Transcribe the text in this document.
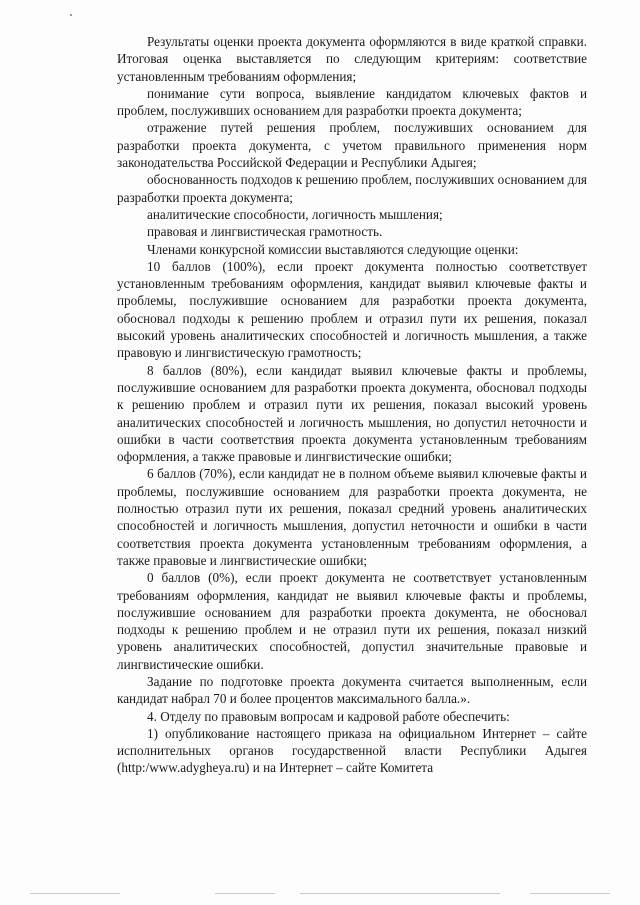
Результаты оценки проекта документа оформляются в виде краткой справки. Итоговая оценка выставляется по следующим критериям: соответствие установленным требованиям оформления;

понимание сути вопроса, выявление кандидатом ключевых фактов и проблем, послуживших основанием для разработки проекта документа;

отражение путей решения проблем, послуживших основанием для разработки проекта документа, с учетом правильного применения норм законодательства Российской Федерации и Республики Адыгея;

обоснованность подходов к решению проблем, послуживших основанием для разработки проекта документа;

аналитические способности, логичность мышления;

правовая и лингвистическая грамотность.

Членами конкурсной комиссии выставляются следующие оценки:

10 баллов (100%), если проект документа полностью соответствует установленным требованиям оформления, кандидат выявил ключевые факты и проблемы, послужившие основанием для разработки проекта документа, обосновал подходы к решению проблем и отразил пути их решения, показал высокий уровень аналитических способностей и логичность мышления, а также правовую и лингвистическую грамотность;

8 баллов (80%), если кандидат выявил ключевые факты и проблемы, послужившие основанием для разработки проекта документа, обосновал подходы к решению проблем и отразил пути их решения, показал высокий уровень аналитических способностей и логичность мышления, но допустил неточности и ошибки в части соответствия проекта документа установленным требованиям оформления, а также правовые и лингвистические ошибки;

6 баллов (70%), если кандидат не в полном объеме выявил ключевые факты и проблемы, послужившие основанием для разработки проекта документа, не полностью отразил пути их решения, показал средний уровень аналитических способностей и логичность мышления, допустил неточности и ошибки в части соответствия проекта документа установленным требованиям оформления, а также правовые и лингвистические ошибки;

0 баллов (0%), если проект документа не соответствует установленным требованиям оформления, кандидат не выявил ключевые факты и проблемы, послужившие основанием для разработки проекта документа, не обосновал подходы к решению проблем и не отразил пути их решения, показал низкий уровень аналитических способностей, допустил значительные правовые и лингвистические ошибки.

Задание по подготовке проекта документа считается выполненным, если кандидат набрал 70 и более процентов максимального балла.».

4. Отделу по правовым вопросам и кадровой работе обеспечить:

1) опубликование настоящего приказа на официальном Интернет – сайте исполнительных органов государственной власти Республики Адыгея (http:/www.adygheya.ru) и на Интернет – сайте Комитета
